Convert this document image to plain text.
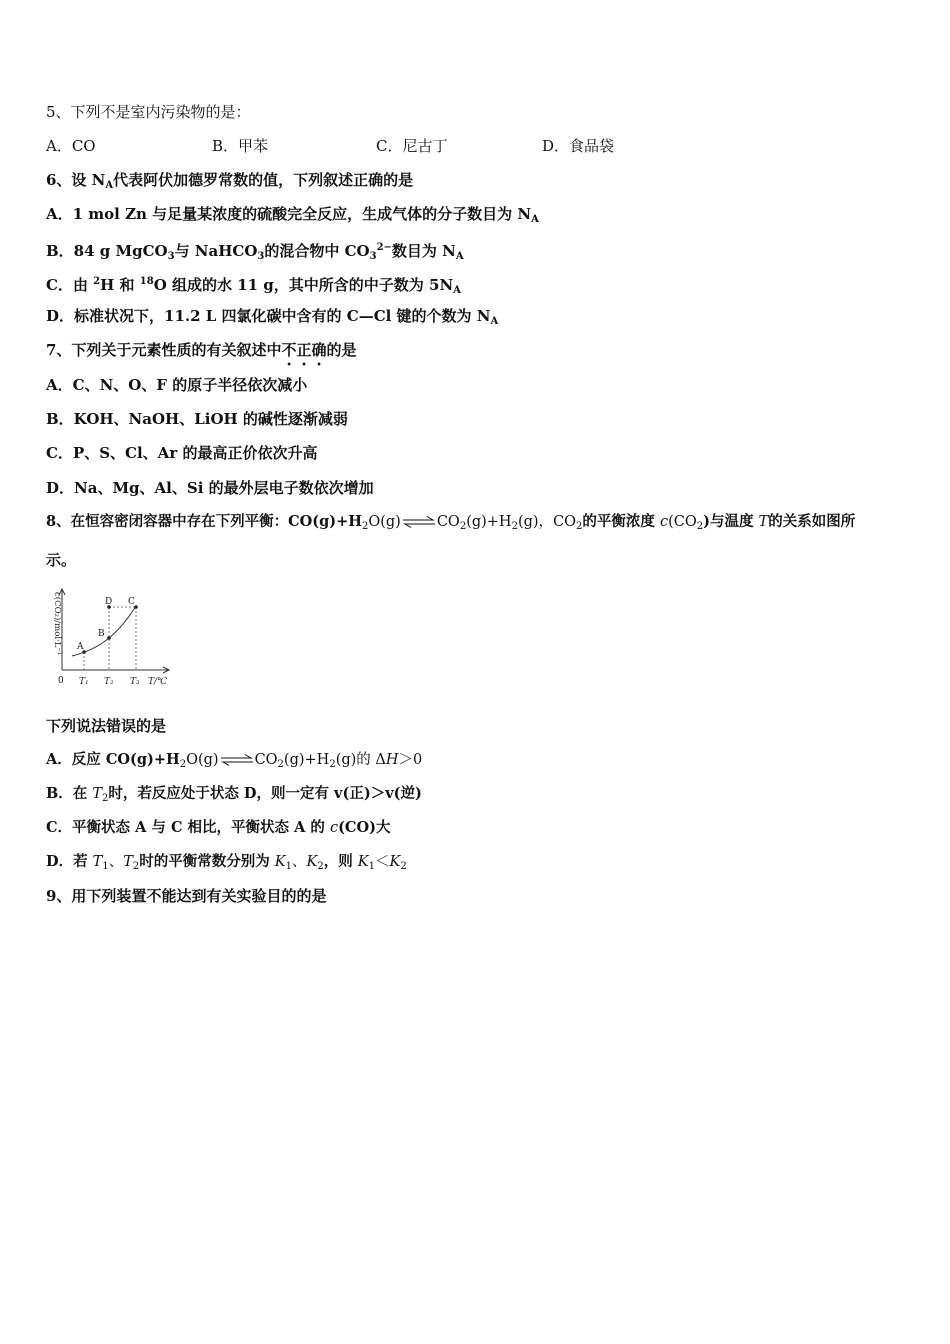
5、下列不是室内污染物的是：
A．CO	B．甲苯	C．尼古丁	D．食品袋
6、设 $N_A$代表阿伏加德罗常数的值，下列叙述正确的是
A．1 mol Zn 与足量某浓度的硫酸完全反应，生成气体的分子数目为 $N_A$
B．84 g MgCO$_3$与 NaHCO$_3$的混合物中 $CO_3^{2-}$数目为 $N_A$
C．由 $^2$H 和 $^{18}$O 组成的水 11 g，其中所含的中子数为 $5N_A$
D．标准状况下，11.2 L 四氯化碳中含有的 C—Cl 键的个数为 $N_A$
7、下列关于元素性质的有关叙述中不正确的是
A．C、N、O、F 的原子半径依次减小
B．KOH、NaOH、LiOH 的碱性逐渐减弱
C．P、S、Cl、Ar 的最高正价依次升高
D．Na、Mg、Al、Si 的最外层电子数依次增加
8、在恒容密闭容器中存在下列平衡：$CO(g)+H_2O(g)\rightleftharpoons CO_2(g)+H_2(g)$，$CO_2$的平衡浓度 $c(CO_2)$与温度 T的关系如图所
示。
c(CO₂)/mol·L⁻¹
0 T₁ T₂ T₃ T/℃
A
B
C
D
下列说法错误的是
A．反应 $CO(g)+H_2O(g)\rightleftharpoons CO_2(g)+H_2(g)$的 ΔH＞0
B．在 $T_2$时，若反应处于状态 D，则一定有 v(正)＞v(逆)
C．平衡状态 A 与 C 相比，平衡状态 A 的 c(CO)大
D．若 $T_1$、$T_2$时的平衡常数分别为 $K_1$、$K_2$，则 $K_1<K_2$
9、用下列装置不能达到有关实验目的的是
